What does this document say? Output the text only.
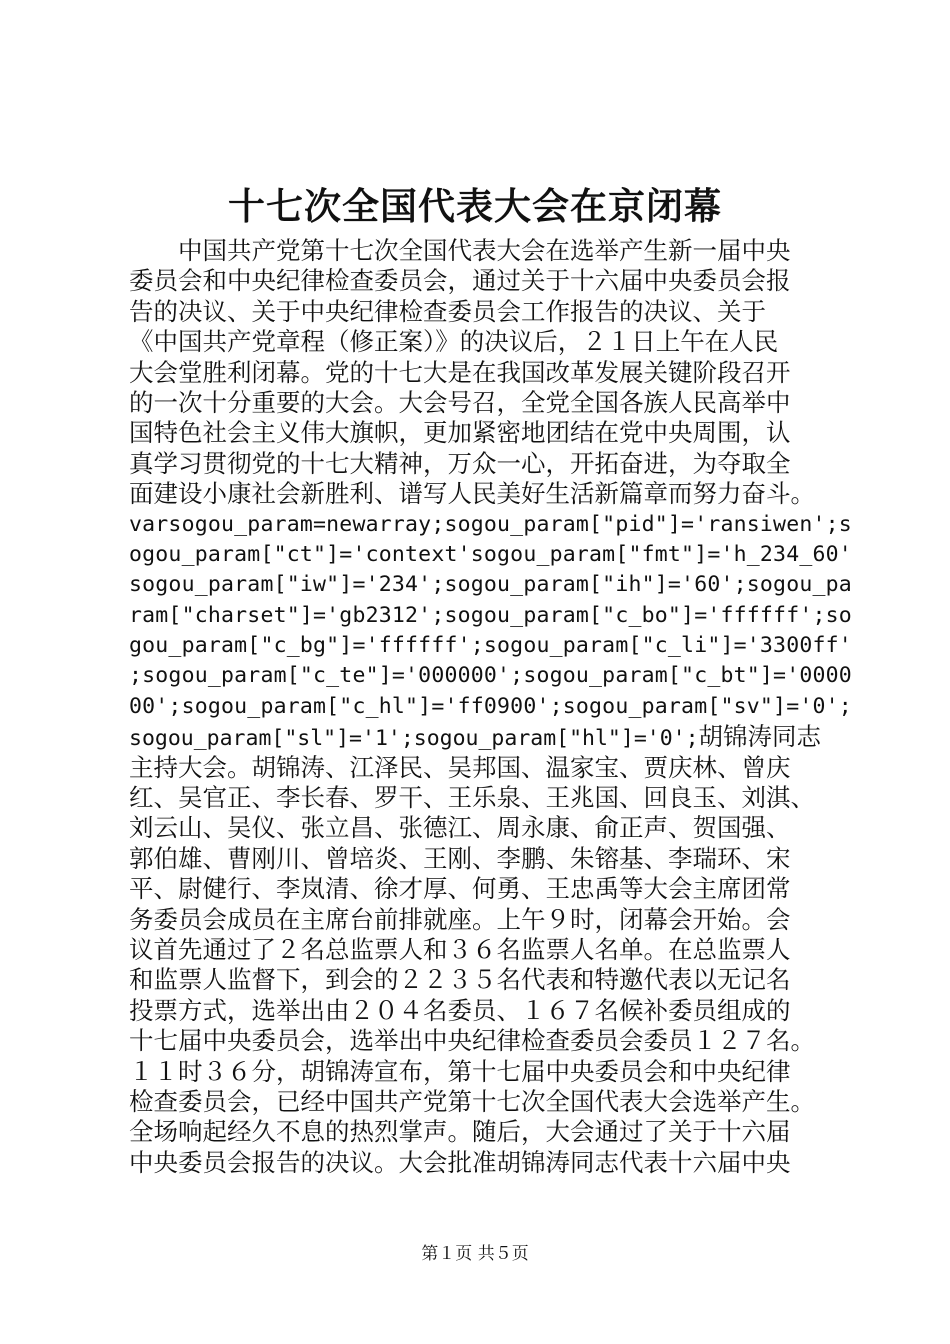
十七次全国代表大会在京闭幕
　　中国共产党第十七次全国代表大会在选举产生新一届中央
委员会和中央纪律检查委员会，通过关于十六届中央委员会报
告的决议、关于中央纪律检查委员会工作报告的决议、关于
《中国共产党章程（修正案）》的决议后，２１日上午在人民
大会堂胜利闭幕。党的十七大是在我国改革发展关键阶段召开
的一次十分重要的大会。大会号召，全党全国各族人民高举中
国特色社会主义伟大旗帜，更加紧密地团结在党中央周围，认
真学习贯彻党的十七大精神，万众一心，开拓奋进，为夺取全
面建设小康社会新胜利、谱写人民美好生活新篇章而努力奋斗。
varsogou_param=newarray;sogou_param["pid"]='ransiwen';s
ogou_param["ct"]='context'sogou_param["fmt"]='h_234_60'
sogou_param["iw"]='234';sogou_param["ih"]='60';sogou_pa
ram["charset"]='gb2312';sogou_param["c_bo"]='ffffff';so
gou_param["c_bg"]='ffffff';sogou_param["c_li"]='3300ff'
;sogou_param["c_te"]='000000';sogou_param["c_bt"]='0000
00';sogou_param["c_hl"]='ff0900';sogou_param["sv"]='0';
sogou_param["sl"]='1';sogou_param["hl"]='0';胡锦涛同志
主持大会。胡锦涛、江泽民、吴邦国、温家宝、贾庆林、曾庆
红、吴官正、李长春、罗干、王乐泉、王兆国、回良玉、刘淇、
刘云山、吴仪、张立昌、张德江、周永康、俞正声、贺国强、
郭伯雄、曹刚川、曾培炎、王刚、李鹏、朱镕基、李瑞环、宋
平、尉健行、李岚清、徐才厚、何勇、王忠禹等大会主席团常
务委员会成员在主席台前排就座。上午９时，闭幕会开始。会
议首先通过了２名总监票人和３６名监票人名单。在总监票人
和监票人监督下，到会的２２３５名代表和特邀代表以无记名
投票方式，选举出由２０４名委员、１６７名候补委员组成的
十七届中央委员会，选举出中央纪律检查委员会委员１２７名。
１１时３６分，胡锦涛宣布，第十七届中央委员会和中央纪律
检查委员会，已经中国共产党第十七次全国代表大会选举产生。
全场响起经久不息的热烈掌声。随后，大会通过了关于十六届
中央委员会报告的决议。大会批准胡锦涛同志代表十六届中央

第１页 共５页
